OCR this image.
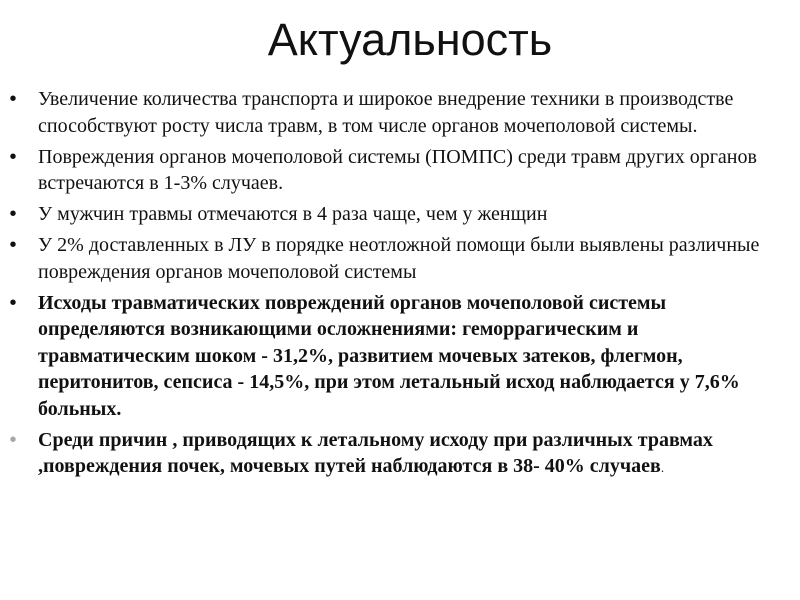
Актуальность
• Увеличение количества транспорта и широкое внедрение техники в производстве способствуют росту числа травм, в том числе органов мочеполовой системы.
• Повреждения органов мочеполовой системы (ПОМПС) среди травм других органов встречаются в 1-3% случаев.
• У мужчин травмы отмечаются в 4 раза чаще, чем у женщин
• У 2% доставленных в ЛУ в порядке неотложной помощи были выявлены различные повреждения органов мочеполовой системы
• Исходы травматических повреждений органов мочеполовой системы определяются возникающими осложнениями: геморрагическим и травматическим шоком - 31,2%, развитием мочевых затеков, флегмон, перитонитов, сепсиса - 14,5%, при этом летальный исход наблюдается у 7,6% больных.
• Среди причин , приводящих к летальному исходу при различных травмах ,повреждения почек, мочевых путей наблюдаются в 38- 40% случаев.
